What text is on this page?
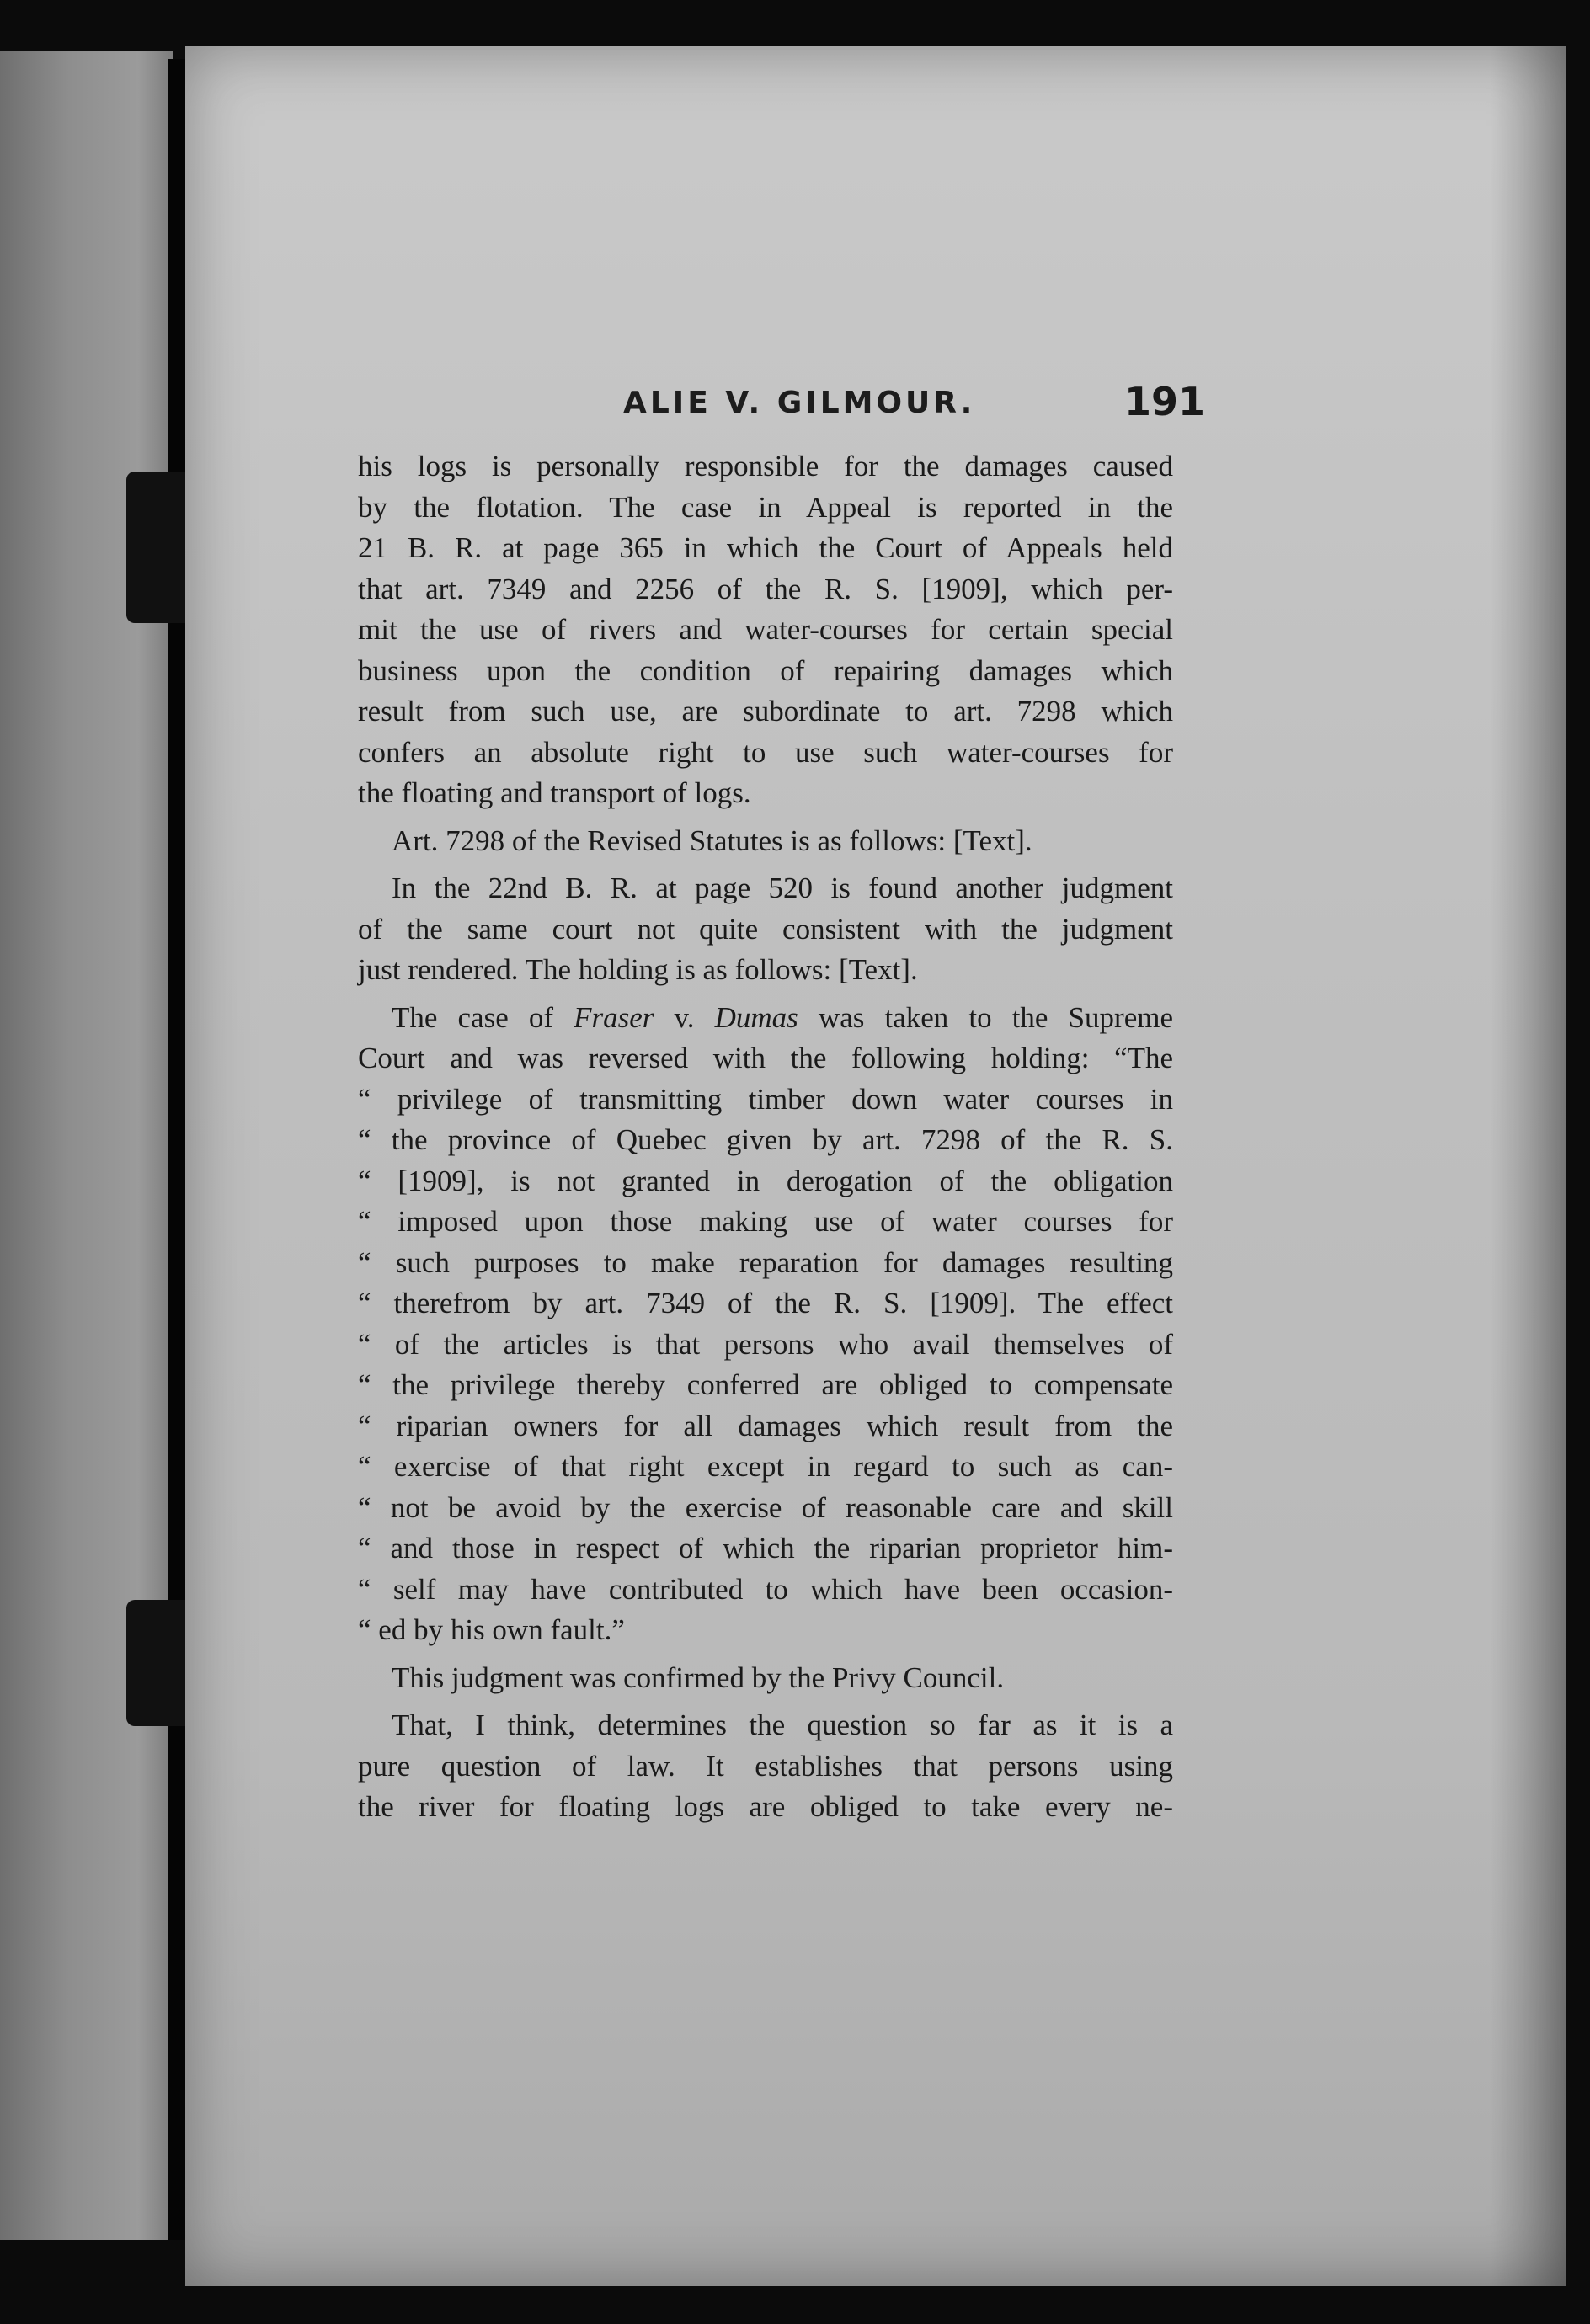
ALIE V. GILMOUR.	191
his logs is personally responsible for the damages caused
by the flotation. The case in Appeal is reported in the
21 B. R. at page 365 in which the Court of Appeals held
that art. 7349 and 2256 of the R. S. [1909], which per-
mit the use of rivers and water-courses for certain special
business upon the condition of repairing damages which
result from such use, are subordinate to art. 7298 which
confers an absolute right to use such water-courses for
the floating and transport of logs.
Art. 7298 of the Revised Statutes is as follows: [Text].
In the 22nd B. R. at page 520 is found another judgment
of the same court not quite consistent with the judgment
just rendered. The holding is as follows: [Text].
The case of Fraser v. Dumas was taken to the Supreme
Court and was reversed with the following holding: “The
“ privilege of transmitting timber down water courses in
“ the province of Quebec given by art. 7298 of the R. S.
“ [1909], is not granted in derogation of the obligation
“ imposed upon those making use of water courses for
“ such purposes to make reparation for damages resulting
“ therefrom by art. 7349 of the R. S. [1909]. The effect
“ of the articles is that persons who avail themselves of
“ the privilege thereby conferred are obliged to compensate
“ riparian owners for all damages which result from the
“ exercise of that right except in regard to such as can-
“ not be avoid by the exercise of reasonable care and skill
“ and those in respect of which the riparian proprietor him-
“ self may have contributed to which have been occasion-
“ ed by his own fault.”
This judgment was confirmed by the Privy Council.
That, I think, determines the question so far as it is a
pure question of law. It establishes that persons using
the river for floating logs are obliged to take every ne-
